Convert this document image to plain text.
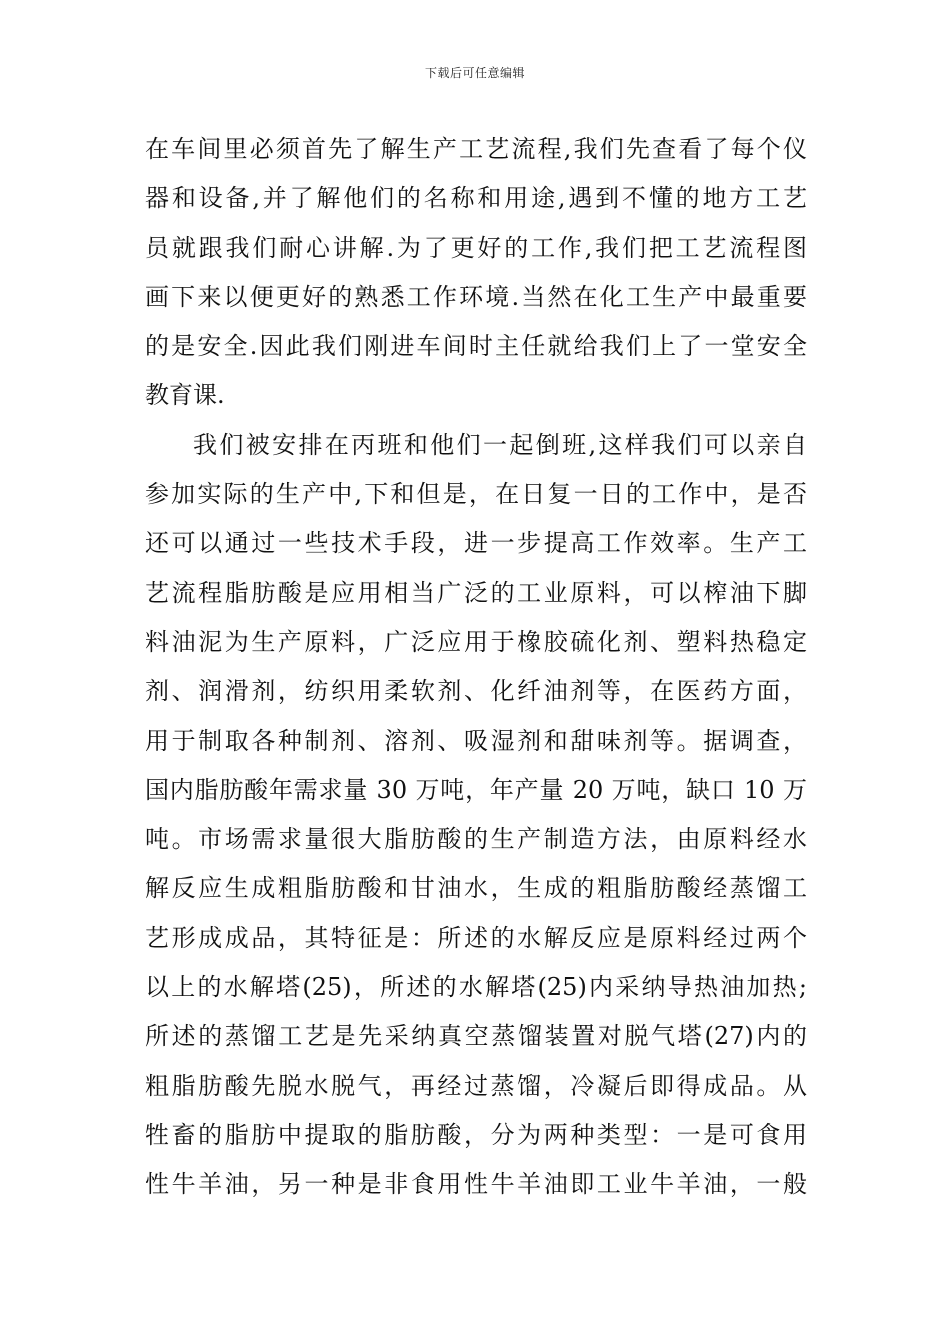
下载后可任意编辑
在车间里必须首先了解生产工艺流程,我们先查看了每个仪
器和设备,并了解他们的名称和用途,遇到不懂的地方工艺
员就跟我们耐心讲解.为了更好的工作,我们把工艺流程图
画下来以便更好的熟悉工作环境.当然在化工生产中最重要
的是安全.因此我们刚进车间时主任就给我们上了一堂安全
教育课.
我们被安排在丙班和他们一起倒班,这样我们可以亲自
参加实际的生产中,下和但是，在日复一日的工作中，是否
还可以通过一些技术手段，进一步提高工作效率。生产工
艺流程脂肪酸是应用相当广泛的工业原料，可以榨油下脚
料油泥为生产原料，广泛应用于橡胶硫化剂、塑料热稳定
剂、润滑剂，纺织用柔软剂、化纤油剂等，在医药方面，
用于制取各种制剂、溶剂、吸湿剂和甜味剂等。据调查，
国内脂肪酸年需求量 30 万吨，年产量 20 万吨，缺口 10 万
吨。市场需求量很大脂肪酸的生产制造方法，由原料经水
解反应生成粗脂肪酸和甘油水，生成的粗脂肪酸经蒸馏工
艺形成成品，其特征是：所述的水解反应是原料经过两个
以上的水解塔(25)，所述的水解塔(25)内采纳导热油加热;
所述的蒸馏工艺是先采纳真空蒸馏装置对脱气塔(27)内的
粗脂肪酸先脱水脱气，再经过蒸馏，冷凝后即得成品。从
牲畜的脂肪中提取的脂肪酸，分为两种类型：一是可食用
性牛羊油，另一种是非食用性牛羊油即工业牛羊油，一般
